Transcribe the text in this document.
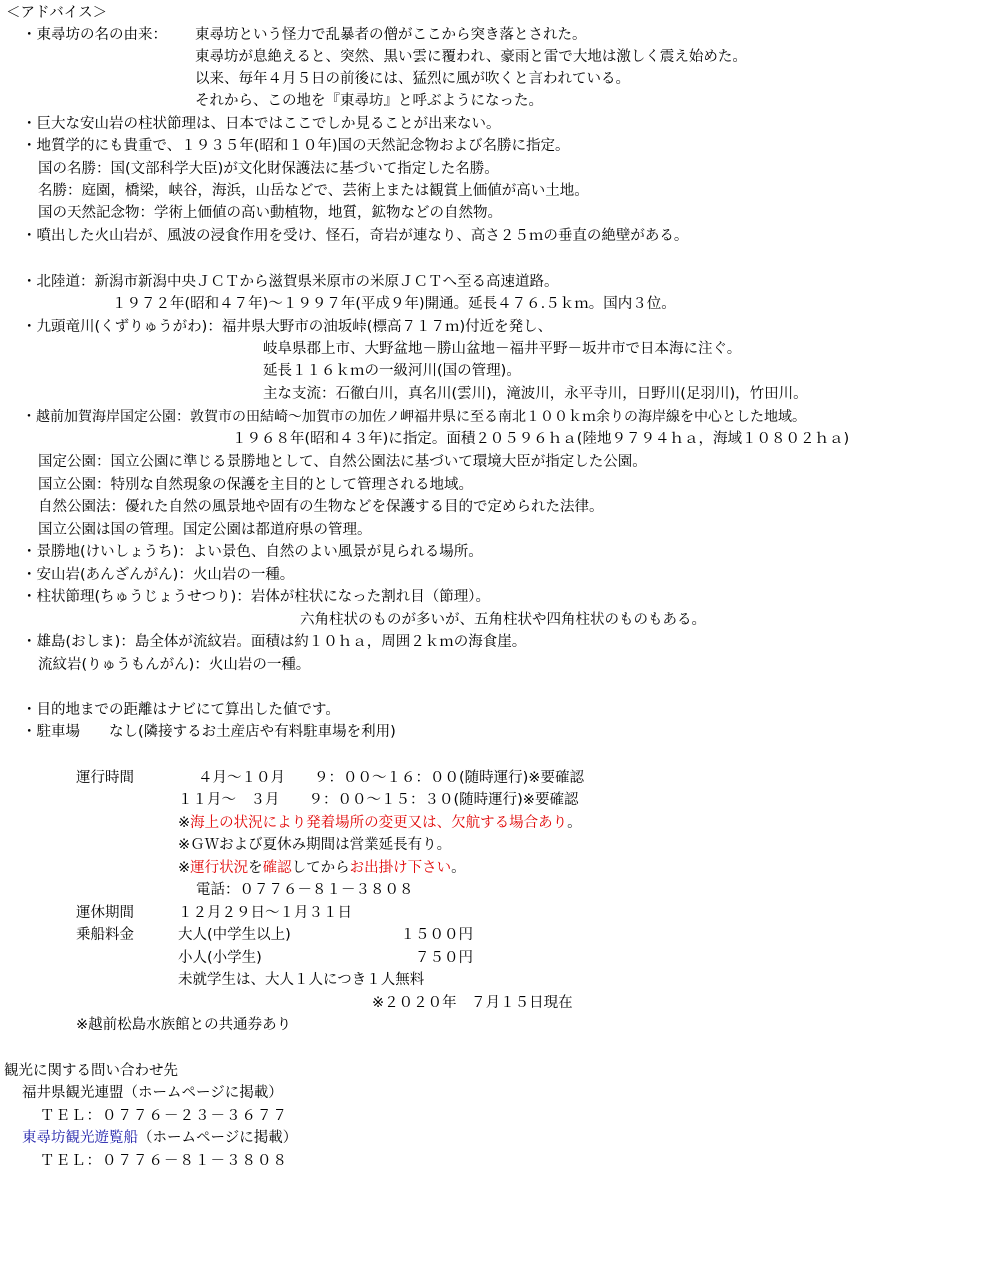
＜アドバイス＞
・東尋坊の名の由来： 東尋坊という怪力で乱暴者の僧がここから突き落とされた。
東尋坊が息絶えると、突然、黒い雲に覆われ、豪雨と雷で大地は激しく震え始めた。
以来、毎年４月５日の前後には、猛烈に風が吹くと言われている。
それから、この地を『東尋坊』と呼ぶようになった。
・巨大な安山岩の柱状節理は、日本ではここでしか見ることが出来ない。
・地質学的にも貴重で、１９３５年(昭和１０年)国の天然記念物および名勝に指定。
国の名勝：国(文部科学大臣)が文化財保護法に基づいて指定した名勝。
名勝：庭園，橋梁，峡谷，海浜，山岳などで、芸術上または観賞上価値が高い土地。
国の天然記念物：学術上価値の高い動植物，地質，鉱物などの自然物。
・噴出した火山岩が、風波の浸食作用を受け、怪石，奇岩が連なり、高さ２５ｍの垂直の絶壁がある。
・北陸道：新潟市新潟中央ＪＣＴから滋賀県米原市の米原ＪＣＴへ至る高速道路。
１９７２年(昭和４７年)～１９９７年(平成９年)開通。延長４７６.５ｋｍ。国内３位。
・九頭竜川(くずりゅうがわ)：福井県大野市の油坂峠(標高７１７ｍ)付近を発し、
岐阜県郡上市、大野盆地－勝山盆地－福井平野－坂井市で日本海に注ぐ。
延長１１６ｋｍの一級河川(国の管理)。
主な支流：石徹白川，真名川(雲川)，滝波川，永平寺川，日野川(足羽川)，竹田川。
・越前加賀海岸国定公園：敦賀市の田結崎～加賀市の加佐ノ岬福井県に至る南北１００ｋｍ余りの海岸線を中心とした地域。
１９６８年(昭和４３年)に指定。面積２０５９６ｈａ(陸地９７９４ｈａ，海域１０８０２ｈａ)
国定公園：国立公園に準じる景勝地として、自然公園法に基づいて環境大臣が指定した公園。
国立公園：特別な自然現象の保護を主目的として管理される地域。
自然公園法：優れた自然の風景地や固有の生物などを保護する目的で定められた法律。
国立公園は国の管理。国定公園は都道府県の管理。
・景勝地(けいしょうち)：よい景色、自然のよい風景が見られる場所。
・安山岩(あんざんがん)：火山岩の一種。
・柱状節理(ちゅうじょうせつり)：岩体が柱状になった割れ目（節理）。
六角柱状のものが多いが、五角柱状や四角柱状のものもある。
・雄島(おしま)：島全体が流紋岩。面積は約１０ｈａ，周囲２ｋｍの海食崖。
流紋岩(りゅうもんがん)：火山岩の一種。
・目的地までの距離はナビにて算出した値です。
・駐車場　　なし(隣接するお土産店や有料駐車場を利用)
運行時間	４月～１０月　　９：００～１６：００(随時運行)※要確認
１１月～　３月　　９：００～１５：３０(随時運行)※要確認
※海上の状況により発着場所の変更又は、欠航する場合あり。
※ＧＷおよび夏休み期間は営業延長有り。
※運行状況を確認してからお出掛け下さい。
電話：０７７６－８１－３８０８
運休期間	１２月２９日～１月３１日
乗船料金	大人(中学生以上)	１５００円
小人(小学生)	７５０円
未就学生は、大人１人につき１人無料
※２０２０年　７月１５日現在
※越前松島水族館との共通券あり
観光に関する問い合わせ先
福井県観光連盟（ホームページに掲載）
ＴＥＬ：０７７６－２３－３６７７
東尋坊観光遊覧船（ホームページに掲載）
ＴＥＬ：０７７６－８１－３８０８
